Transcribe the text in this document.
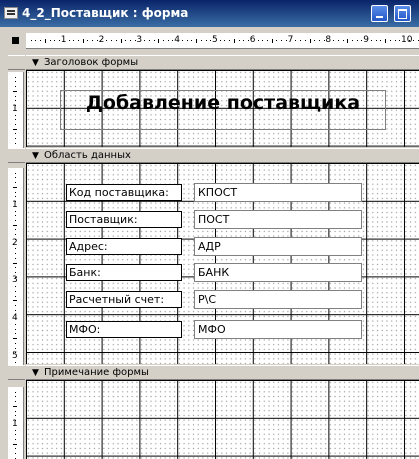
4_2_Поставщик : форма
1	2	3	4	5	6	7	8	9	10
1
1
2
3
4
5
1
▼ Заголовок формы
Добавление поставщика
▼ Область данных
Код поставщика:	КПОСТ
Поставщик:	ПОСТ
Адрес:	АДР
Банк:	БАНК
Расчетный счет:	Р\С
МФО:	МФО
▼ Примечание формы
